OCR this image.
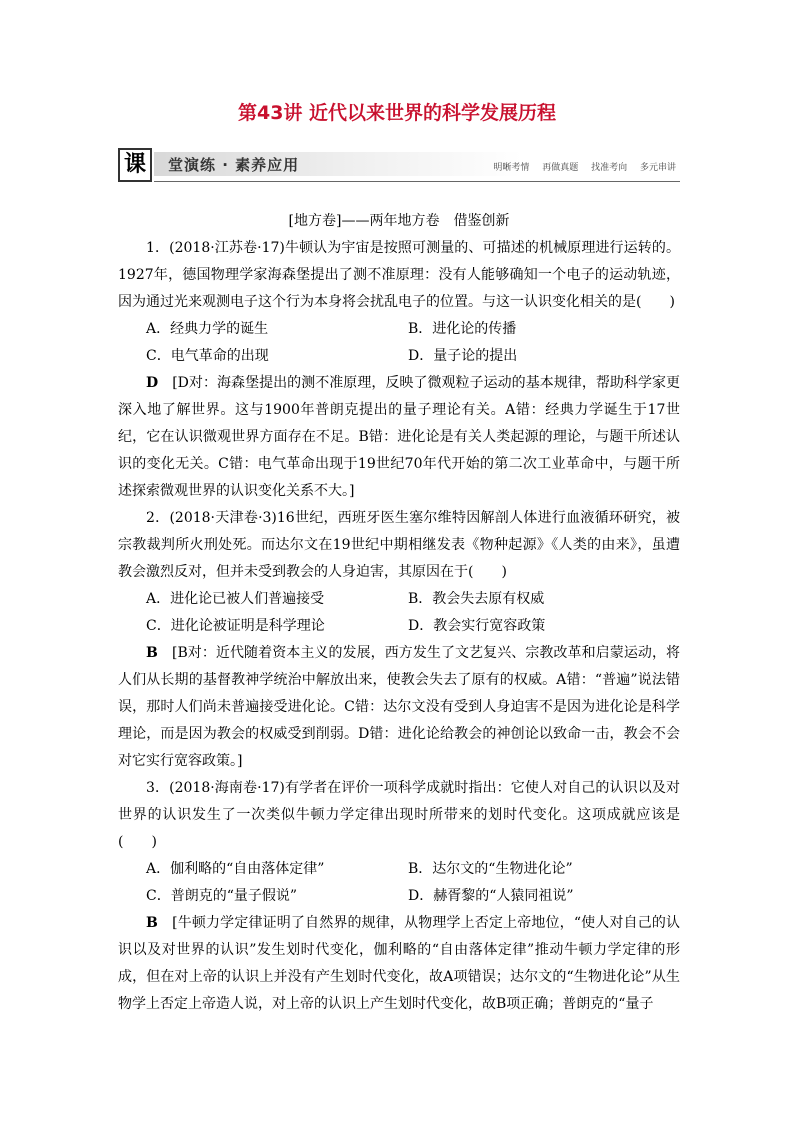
第43讲 近代以来世界的科学发展历程
课	堂演练 · 素养应用	明晰考情 再做真题 找准考向 多元串讲
[地方卷]——两年地方卷　借鉴创新

1．(2018·江苏卷·17)牛顿认为宇宙是按照可测量的、可描述的机械原理进行运转的。1927年，德国物理学家海森堡提出了测不准原理：没有人能够确知一个电子的运动轨迹，因为通过光来观测电子这个行为本身将会扰乱电子的位置。与这一认识变化相关的是(　　)

A．经典力学的诞生	B．进化论的传播
C．电气革命的出现	D．量子论的提出

D　 [D对：海森堡提出的测不准原理，反映了微观粒子运动的基本规律，帮助科学家更深入地了解世界。这与1900年普朗克提出的量子理论有关。A错：经典力学诞生于17世纪，它在认识微观世界方面存在不足。B错：进化论是有关人类起源的理论，与题干所述认识的变化无关。C错：电气革命出现于19世纪70年代开始的第二次工业革命中，与题干所述探索微观世界的认识变化关系不大。]

2．(2018·天津卷·3)16世纪，西班牙医生塞尔维特因解剖人体进行血液循环研究，被宗教裁判所火刑处死。而达尔文在19世纪中期相继发表《物种起源》《人类的由来》，虽遭教会激烈反对，但并未受到教会的人身迫害，其原因在于(　　)

A．进化论已被人们普遍接受	B．教会失去原有权威
C．进化论被证明是科学理论	D．教会实行宽容政策

B　 [B对：近代随着资本主义的发展，西方发生了文艺复兴、宗教改革和启蒙运动，将人们从长期的基督教神学统治中解放出来，使教会失去了原有的权威。A错：“普遍”说法错误，那时人们尚未普遍接受进化论。C错：达尔文没有受到人身迫害不是因为进化论是科学理论，而是因为教会的权威受到削弱。D错：进化论给教会的神创论以致命一击，教会不会对它实行宽容政策。]

3．(2018·海南卷·17)有学者在评价一项科学成就时指出：它使人对自己的认识以及对世界的认识发生了一次类似牛顿力学定律出现时所带来的划时代变化。这项成就应该是(　　)

A．伽利略的“自由落体定律”	B．达尔文的“生物进化论”
C．普朗克的“量子假说”	D．赫胥黎的“人猿同祖说”

B　[牛顿力学定律证明了自然界的规律，从物理学上否定上帝地位，“使人对自己的认识以及对世界的认识”发生划时代变化，伽利略的“自由落体定律”推动牛顿力学定律的形成，但在对上帝的认识上并没有产生划时代变化，故A项错误；达尔文的“生物进化论”从生物学上否定上帝造人说，对上帝的认识上产生划时代变化，故B项正确；普朗克的“量子
